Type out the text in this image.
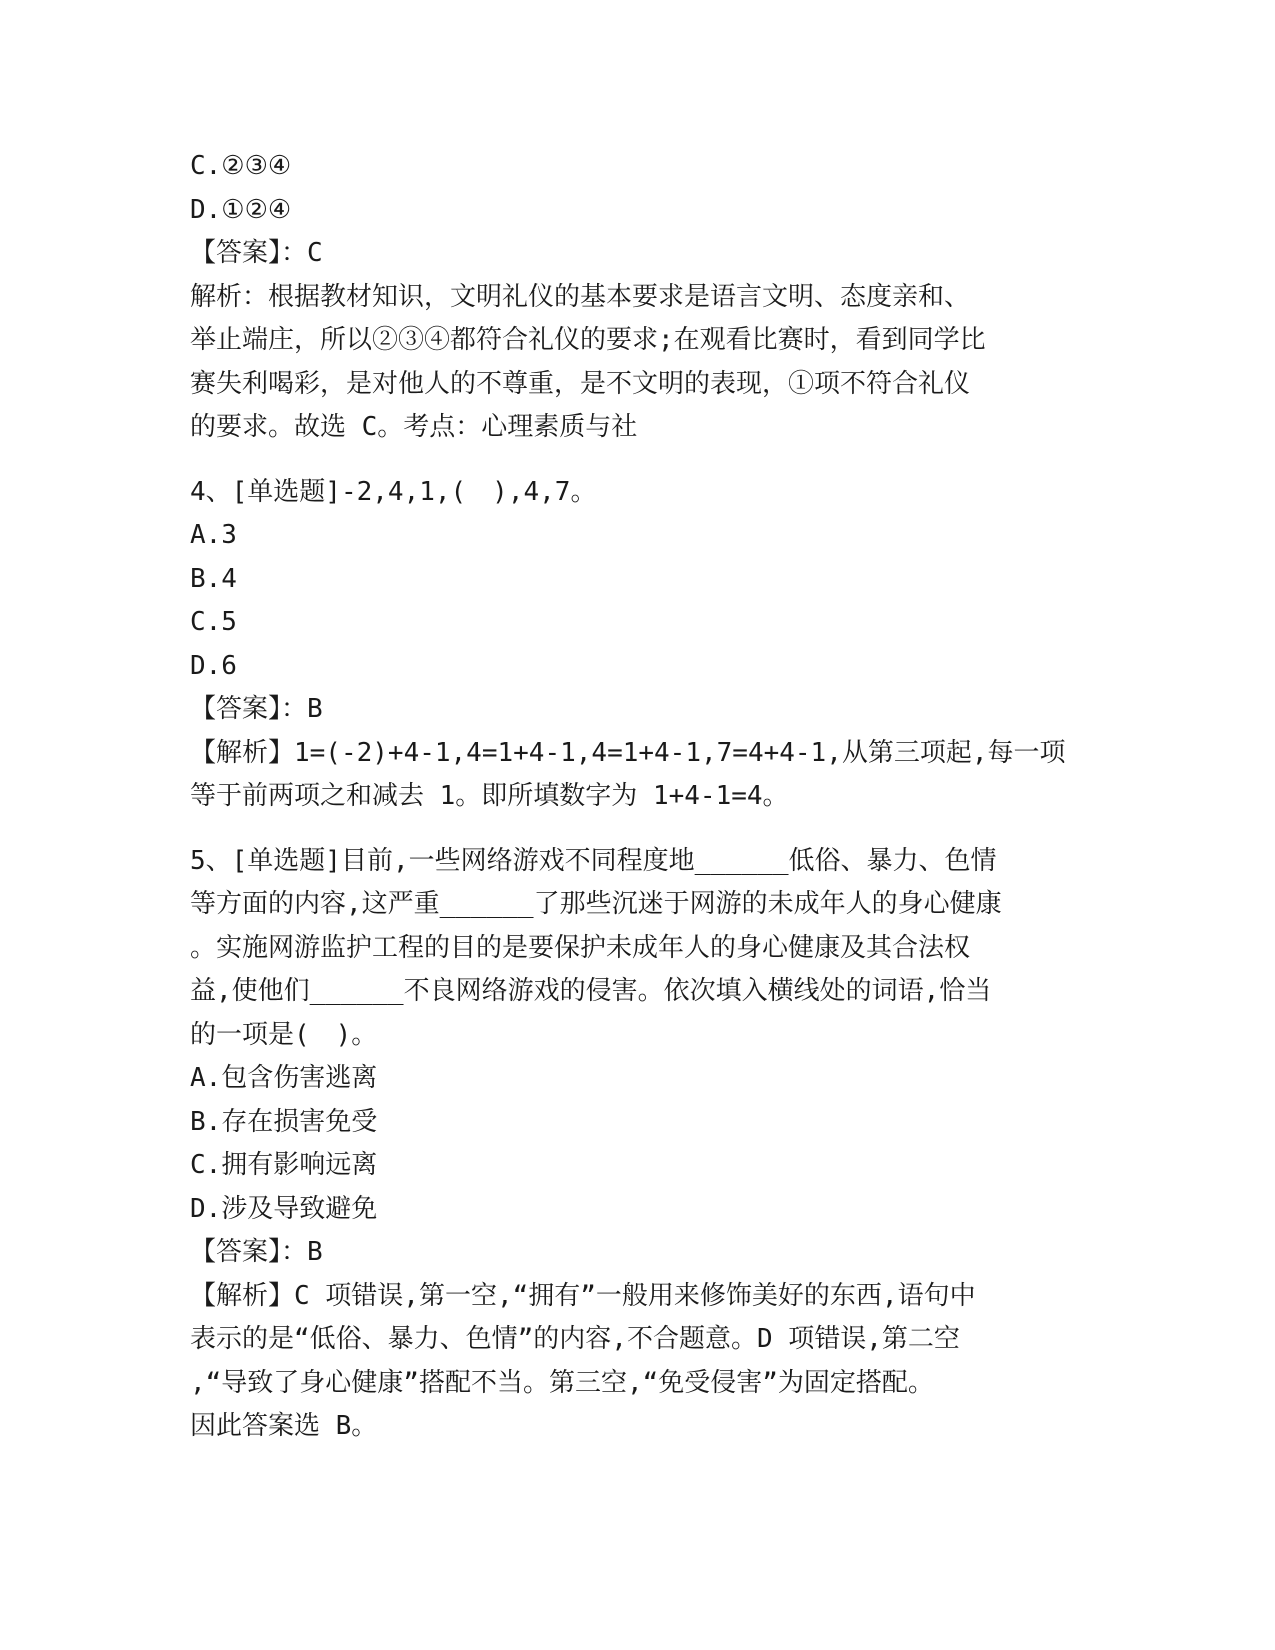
C.②③④
D.①②④
【答案】：C
解析：根据教材知识，文明礼仪的基本要求是语言文明、态度亲和、
举止端庄，所以②③④都符合礼仪的要求;在观看比赛时，看到同学比
赛失利喝彩，是对他人的不尊重，是不文明的表现，①项不符合礼仪
的要求。故选 C。考点：心理素质与社
4、[单选题]-2,4,1,(　),4,7。
A.3
B.4
C.5
D.6
【答案】：B
【解析】1=(-2)+4-1,4=1+4-1,4=1+4-1,7=4+4-1,从第三项起,每一项
等于前两项之和减去 1。即所填数字为 1+4-1=4。
5、[单选题]目前,一些网络游戏不同程度地______低俗、暴力、色情
等方面的内容,这严重______了那些沉迷于网游的未成年人的身心健康
。实施网游监护工程的目的是要保护未成年人的身心健康及其合法权
益,使他们______不良网络游戏的侵害。依次填入横线处的词语,恰当
的一项是(　)。
A.包含伤害逃离
B.存在损害免受
C.拥有影响远离
D.涉及导致避免
【答案】：B
【解析】C 项错误,第一空,“拥有”一般用来修饰美好的东西,语句中
表示的是“低俗、暴力、色情”的内容,不合题意。D 项错误,第二空
,“导致了身心健康”搭配不当。第三空,“免受侵害”为固定搭配。
因此答案选 B。
